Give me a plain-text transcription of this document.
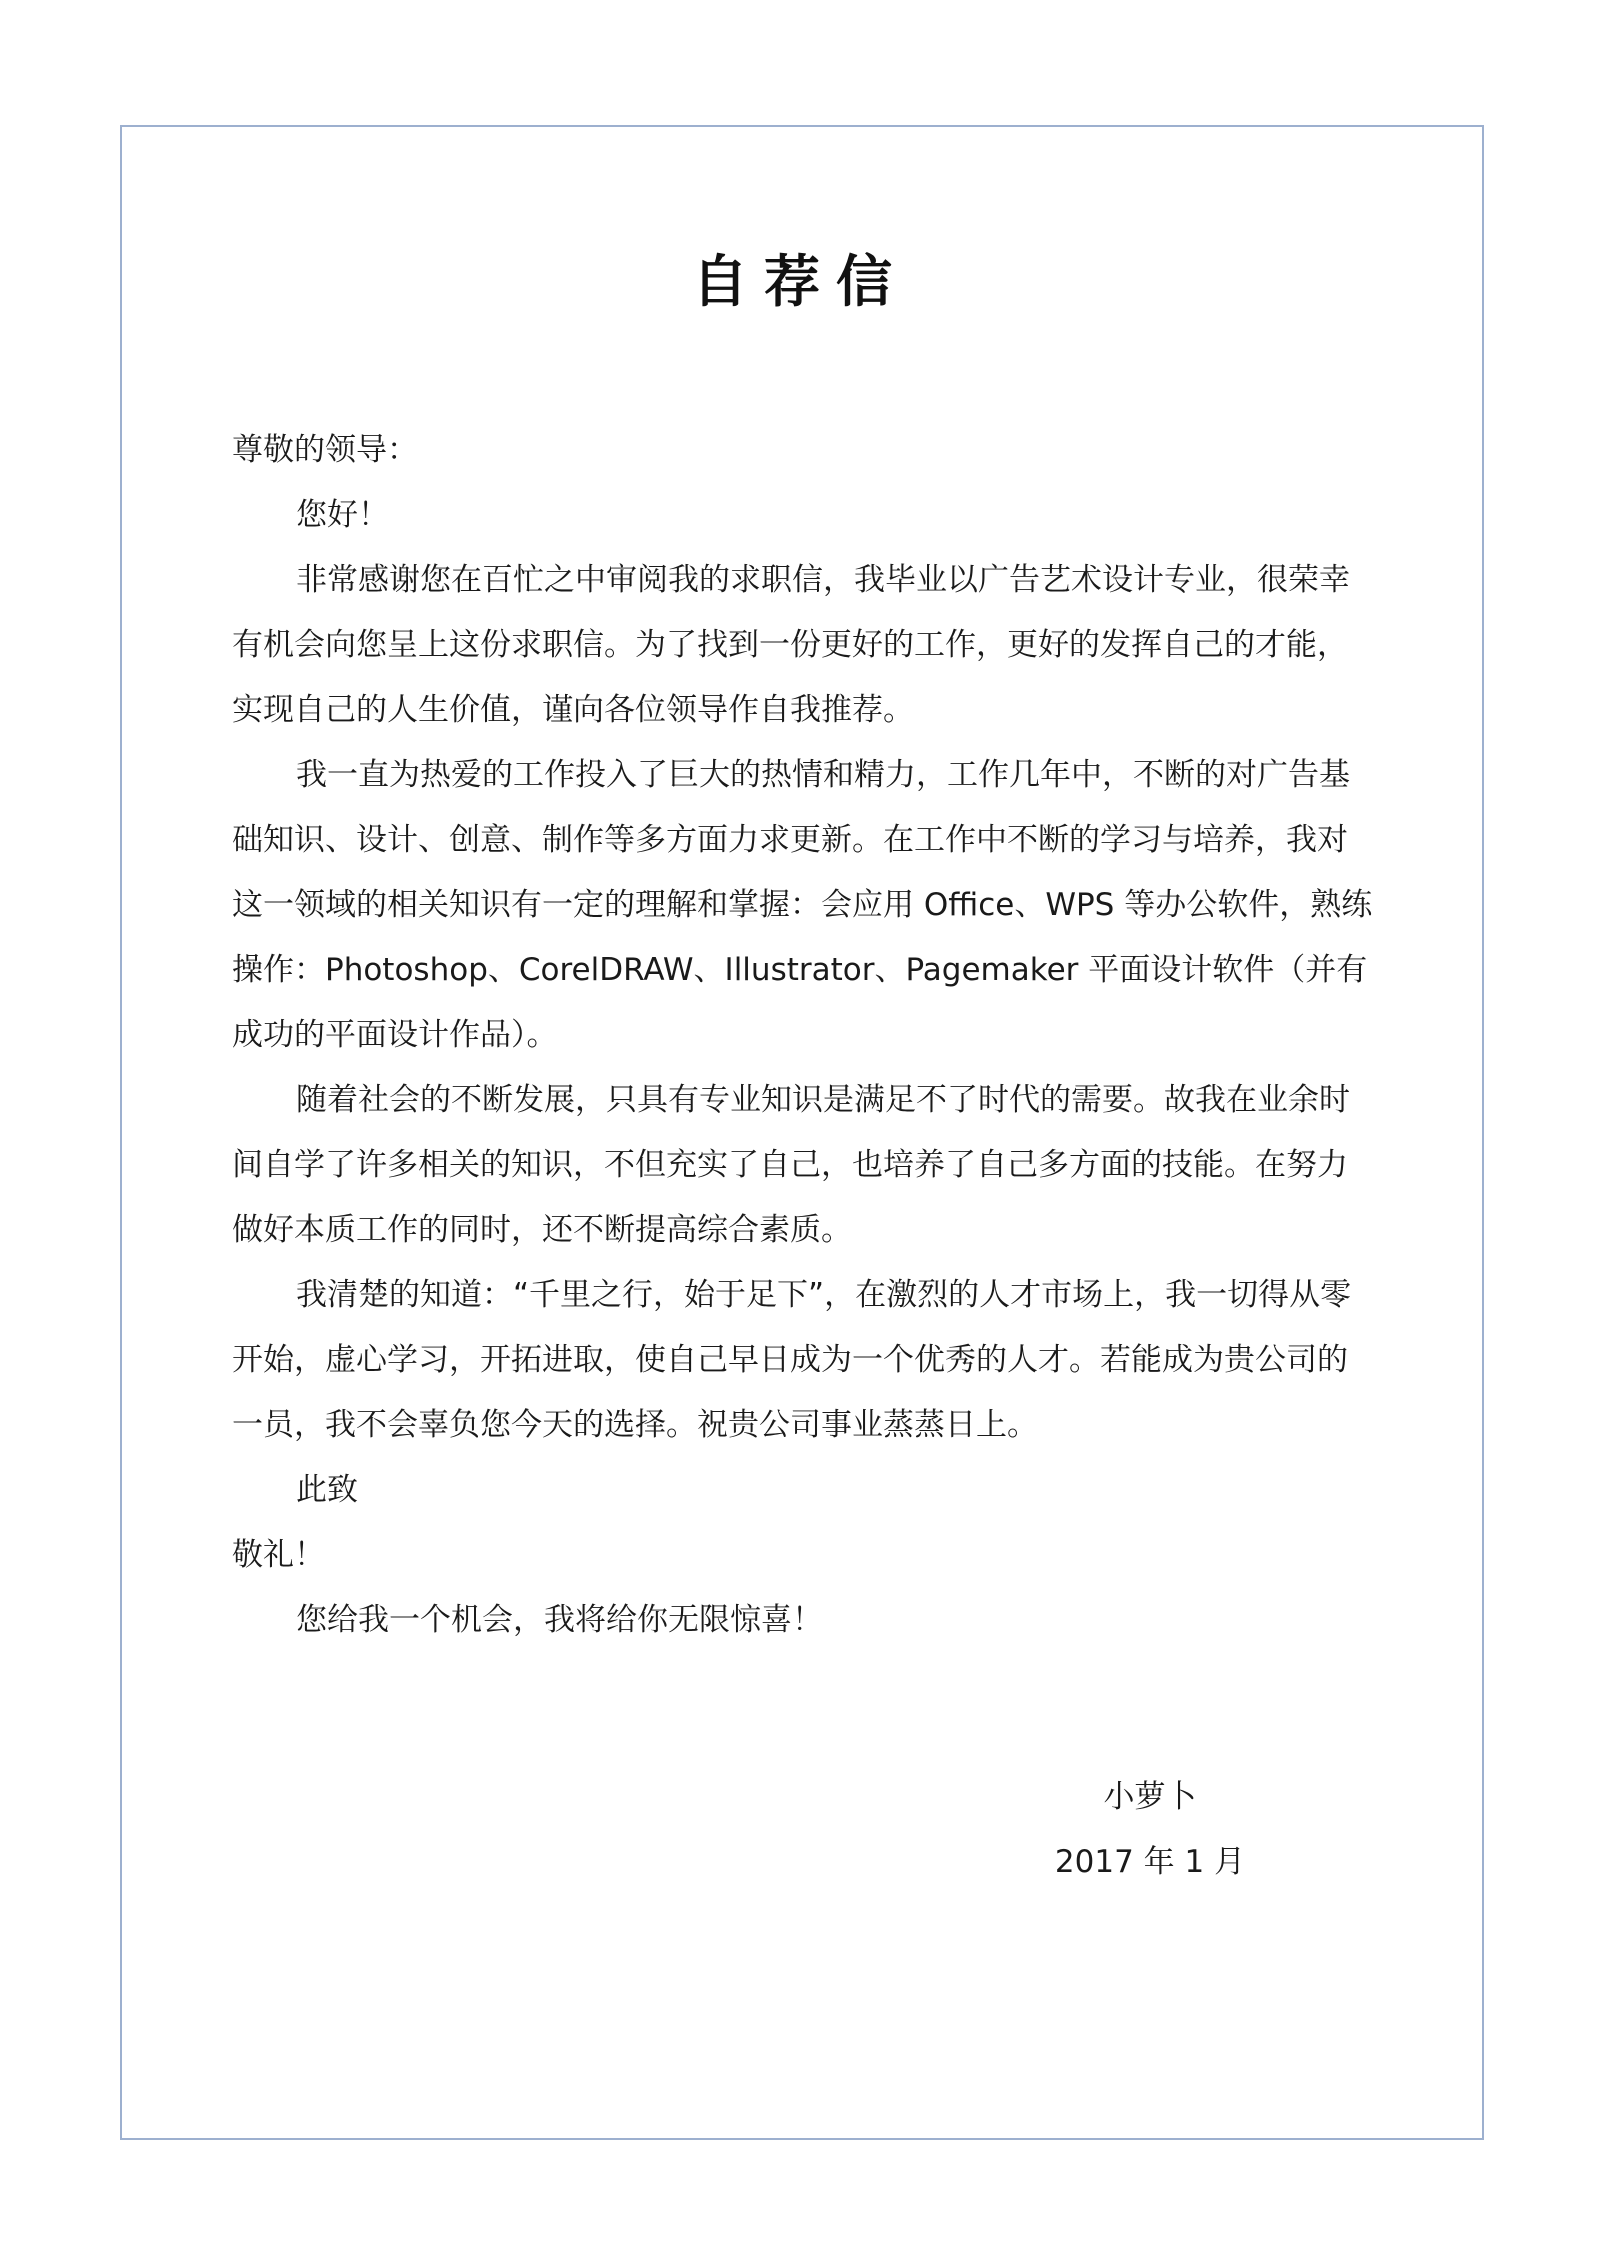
自荐信

尊敬的领导：

您好！

非常感谢您在百忙之中审阅我的求职信，我毕业以广告艺术设计专业，很荣幸有机会向您呈上这份求职信。为了找到一份更好的工作，更好的发挥自己的才能，实现自己的人生价值，谨向各位领导作自我推荐。

我一直为热爱的工作投入了巨大的热情和精力，工作几年中，不断的对广告基础知识、设计、创意、制作等多方面力求更新。在工作中不断的学习与培养，我对这一领域的相关知识有一定的理解和掌握：会应用 Office、WPS 等办公软件，熟练操作：Photoshop、CorelDRAW、Illustrator、Pagemaker 平面设计软件（并有成功的平面设计作品）。

随着社会的不断发展，只具有专业知识是满足不了时代的需要。故我在业余时间自学了许多相关的知识，不但充实了自己，也培养了自己多方面的技能。在努力做好本质工作的同时，还不断提高综合素质。

我清楚的知道：“千里之行，始于足下”，在激烈的人才市场上，我一切得从零开始，虚心学习，开拓进取，使自己早日成为一个优秀的人才。若能成为贵公司的一员，我不会辜负您今天的选择。祝贵公司事业蒸蒸日上。

此致

敬礼！

您给我一个机会，我将给你无限惊喜！

小萝卜

2017 年 1 月
